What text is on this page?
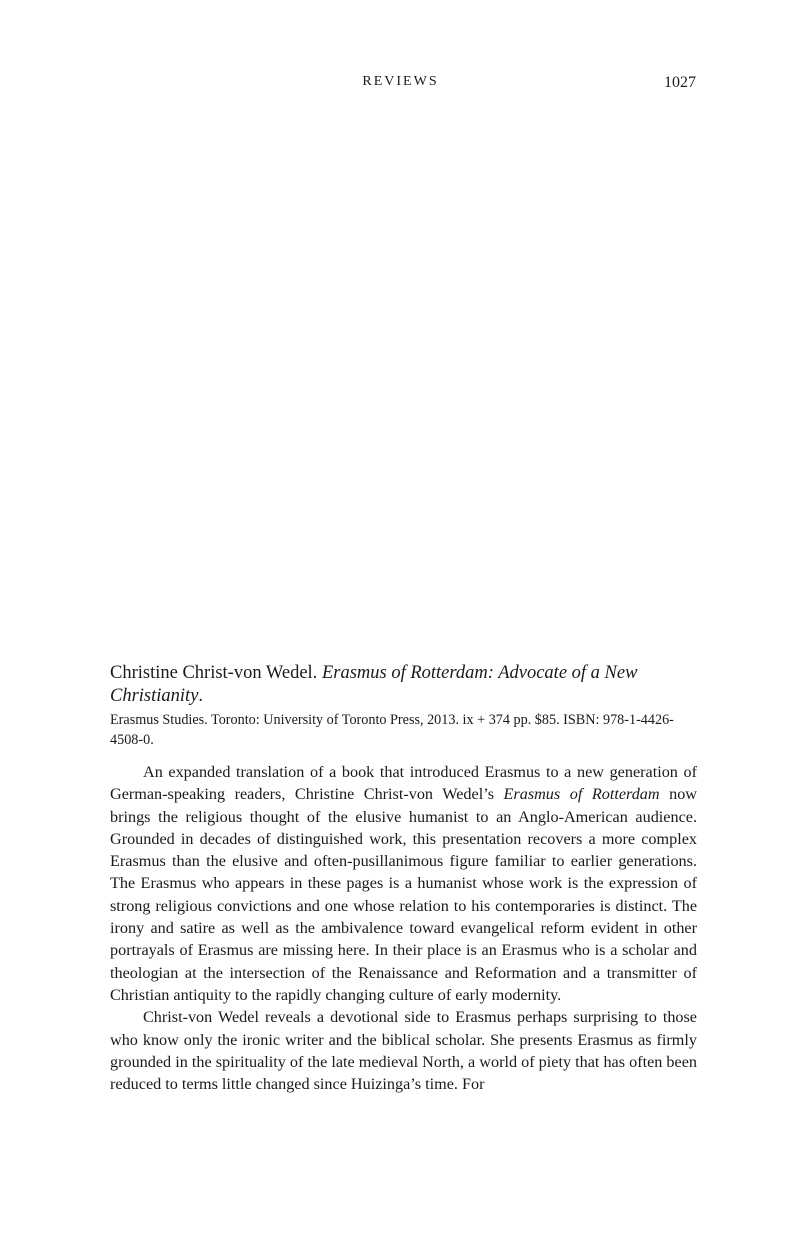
REVIEWS	1027

Christine Christ-von Wedel. Erasmus of Rotterdam: Advocate of a New Christianity.

Erasmus Studies. Toronto: University of Toronto Press, 2013. ix + 374 pp. $85. ISBN: 978-1-4426-4508-0.

An expanded translation of a book that introduced Erasmus to a new generation of German-speaking readers, Christine Christ-von Wedel’s Erasmus of Rotterdam now brings the religious thought of the elusive humanist to an Anglo-American audience. Grounded in decades of distinguished work, this presentation recovers a more complex Erasmus than the elusive and often-pusillanimous figure familiar to earlier generations. The Erasmus who appears in these pages is a humanist whose work is the expression of strong religious convictions and one whose relation to his contemporaries is distinct. The irony and satire as well as the ambivalence toward evangelical reform evident in other portrayals of Erasmus are missing here. In their place is an Erasmus who is a scholar and theologian at the intersection of the Renaissance and Reformation and a transmitter of Christian antiquity to the rapidly changing culture of early modernity.

Christ-von Wedel reveals a devotional side to Erasmus perhaps surprising to those who know only the ironic writer and the biblical scholar. She presents Erasmus as firmly grounded in the spirituality of the late medieval North, a world of piety that has often been reduced to terms little changed since Huizinga’s time. For
